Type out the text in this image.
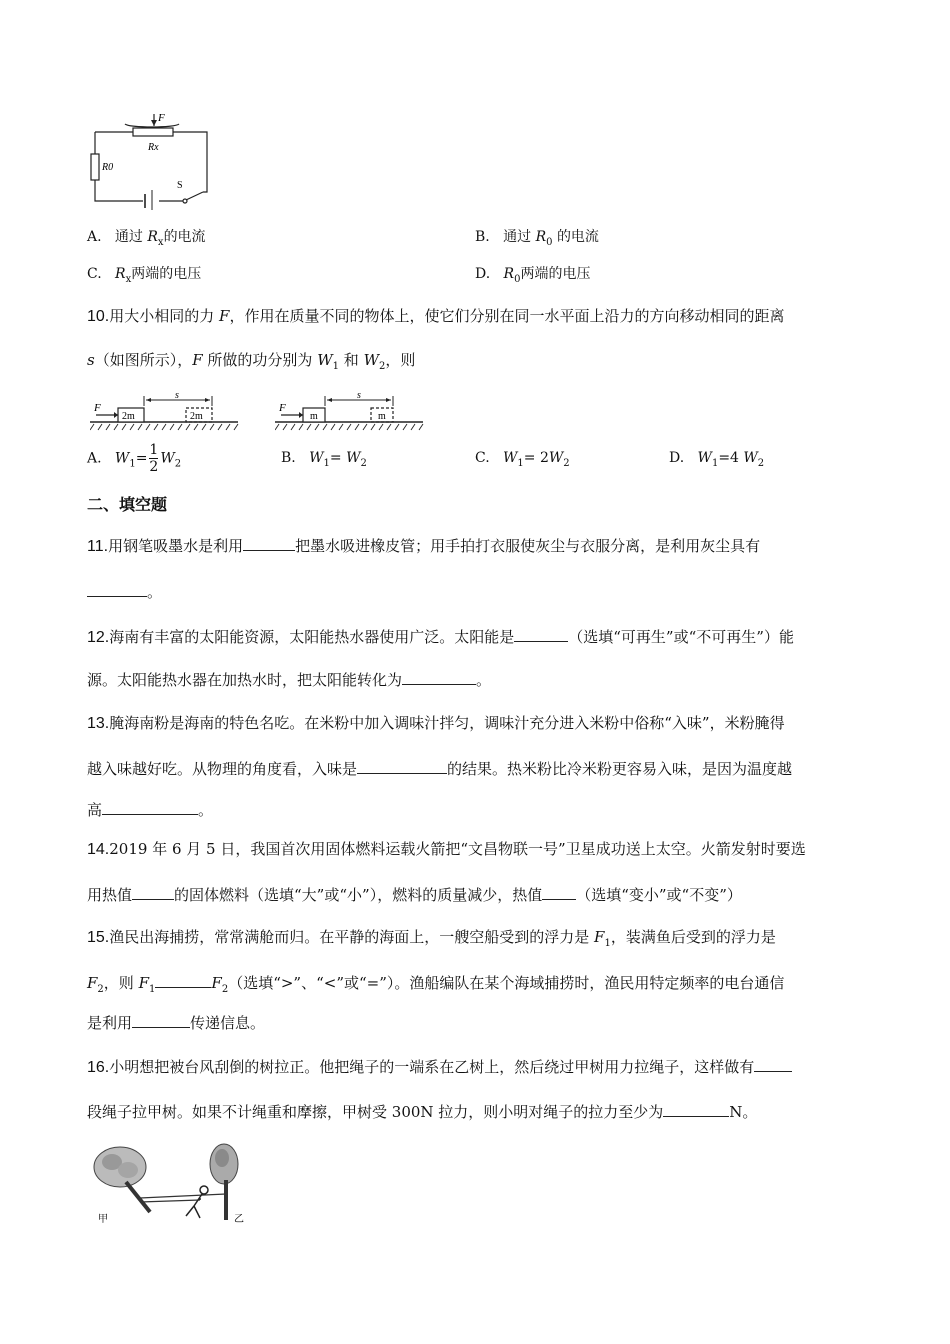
F
Rx
R0
S
A. 通过 $R_x$的电流	B. 通过 $R_0$ 的电流
C. $R_x$两端的电压	D. $R_0$两端的电压
10.用大小相同的力 F，作用在质量不同的物体上，使它们分别在同一水平面上沿力的方向移动相同的距离
s（如图所示），F 所做的功分别为 $W_1$ 和 $W_2$，则
F
s
2m	2m
F
s
m	m
A. $W_1= \frac{1}{2} W_2$	B. $W_1= W_2$	C. $W_1= 2W_2$	D. $W_1=4$ $W_2$
二、填空题
11.用钢笔吸墨水是利用	把墨水吸进橡皮管；用手拍打衣服使灰尘与衣服分离，是利用灰尘具有
。
12.海南有丰富的太阳能资源，太阳能热水器使用广泛。太阳能是	（选填“可再生”或“不可再生”）能
源。太阳能热水器在加热水时，把太阳能转化为	。
13.腌海南粉是海南的特色名吃。在米粉中加入调味汁拌匀，调味汁充分进入米粉中俗称“入味”，米粉腌得
越入味越好吃。从物理的角度看，入味是	的结果。热米粉比冷米粉更容易入味，是因为温度越
高	。
14.2019 年 6 月 5 日，我国首次用固体燃料运载火箭把“文昌物联一号”卫星成功送上太空。火箭发射时要选
用热值	的固体燃料（选填“大”或“小”），燃料的质量减少，热值 （选填“变小”或“不变”）
15.渔民出海捕捞，常常满舱而归。在平静的海面上，一艘空船受到的浮力是 $F_1$，装满鱼后受到的浮力是
$F_2$，则 $F_1$	$F_2$（选填“>”、“<”或“=”）。渔船编队在某个海域捕捞时，渔民用特定频率的电台通信
是利用	传递信息。
16.小明想把被台风刮倒的树拉正。他把绳子的一端系在乙树上，然后绕过甲树用力拉绳子，这样做有
段绳子拉甲树。如果不计绳重和摩擦，甲树受 300N 拉力，则小明对绳子的拉力至少为	N。
甲	乙
